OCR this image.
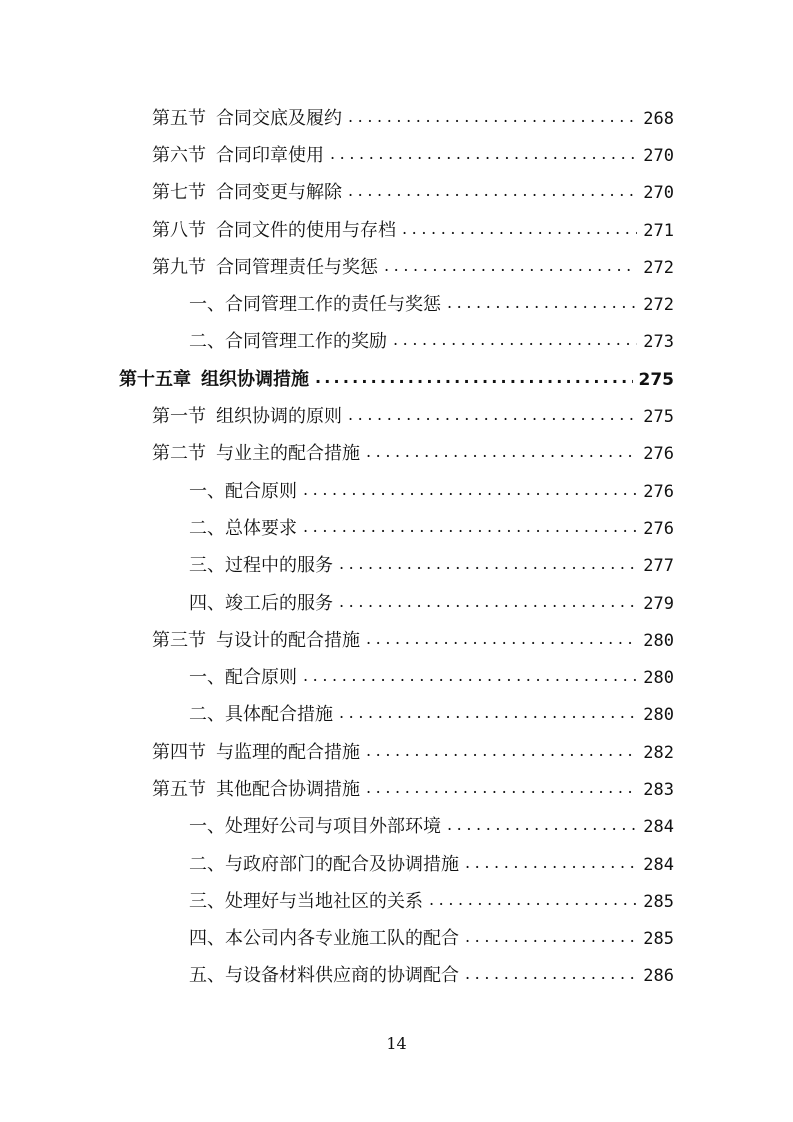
第五节 合同交底及履约 .....	268
第六节 合同印章使用 .....	270
第七节 合同变更与解除 .....	270
第八节 合同文件的使用与存档 .....	271
第九节 合同管理责任与奖惩 .....	272
一、合同管理工作的责任与奖惩 .....	272
二、合同管理工作的奖励 .....	273
第十五章 组织协调措施 .....	275
第一节 组织协调的原则 .....	275
第二节 与业主的配合措施 .....	276
一、配合原则 .....	276
二、总体要求 .....	276
三、过程中的服务 .....	277
四、竣工后的服务 .....	279
第三节 与设计的配合措施 .....	280
一、配合原则 .....	280
二、具体配合措施 .....	280
第四节 与监理的配合措施 .....	282
第五节 其他配合协调措施 .....	283
一、处理好公司与项目外部环境 .....	284
二、与政府部门的配合及协调措施 .....	284
三、处理好与当地社区的关系 .....	285
四、本公司内各专业施工队的配合 .....	285
五、与设备材料供应商的协调配合 .....	286
14
